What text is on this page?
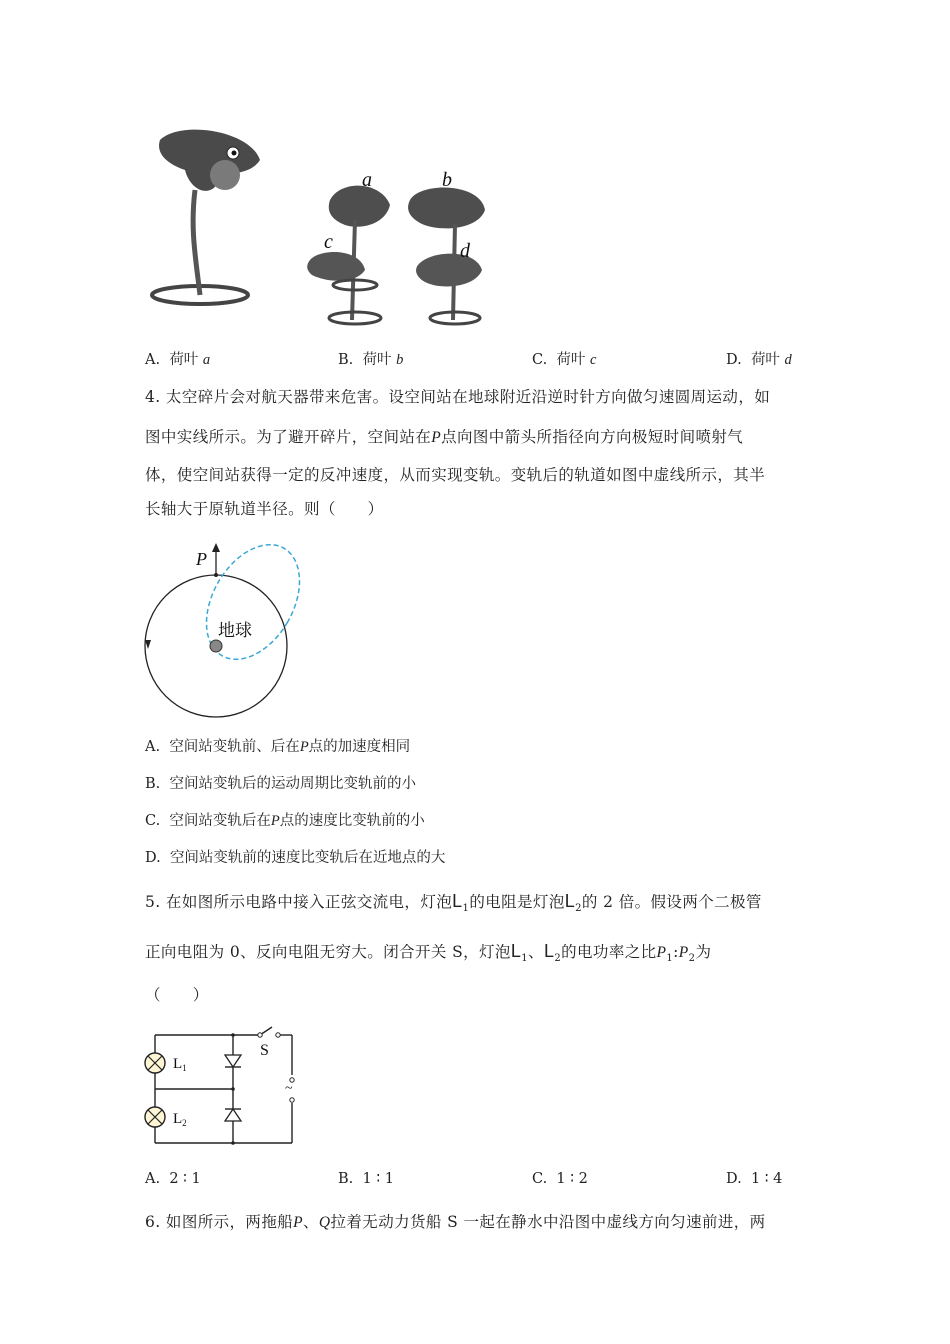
a
c
b
d
A. 荷叶 a	B. 荷叶 b	C. 荷叶 c	D. 荷叶 d
4. 太空碎片会对航天器带来危害。设空间站在地球附近沿逆时针方向做匀速圆周运动，如
图中实线所示。为了避开碎片，空间站在P点向图中箭头所指径向方向极短时间喷射气
体，使空间站获得一定的反冲速度，从而实现变轨。变轨后的轨道如图中虚线所示，其半
长轴大于原轨道半径。则（　　）
P
地球
A. 空间站变轨前、后在P点的加速度相同
B. 空间站变轨后的运动周期比变轨前的小
C. 空间站变轨后在P点的速度比变轨前的小
D. 空间站变轨前的速度比变轨后在近地点的大
5. 在如图所示电路中接入正弦交流电，灯泡$L_1$的电阻是灯泡$L_2$的 2 倍。假设两个二极管
正向电阻为 0、反向电阻无穷大。闭合开关 S，灯泡$L_1$、$L_2$的电功率之比$P_1:P_2$为
（　　）
~
S
$L_1$
$L_2$
A. 2 ∶ 1	B. 1 ∶ 1	C. 1 ∶ 2	D. 1 ∶ 4
6. 如图所示，两拖船P、Q拉着无动力货船 S 一起在静水中沿图中虚线方向匀速前进，两
